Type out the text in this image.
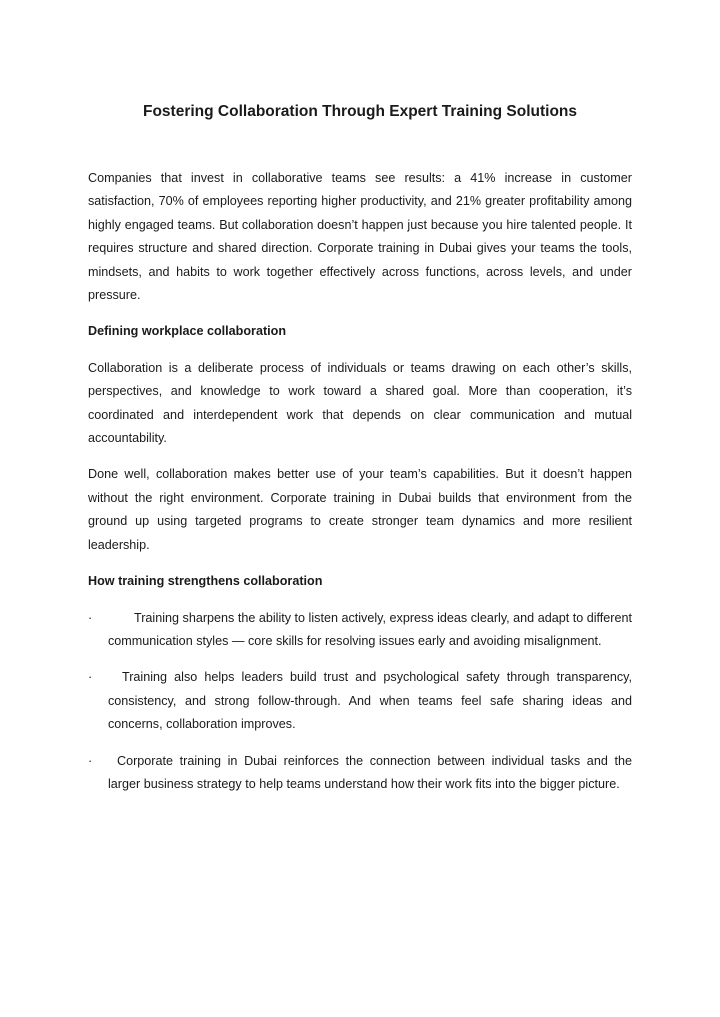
Fostering Collaboration Through Expert Training Solutions

Companies that invest in collaborative teams see results: a 41% increase in customer satisfaction, 70% of employees reporting higher productivity, and 21% greater profitability among highly engaged teams. But collaboration doesn’t happen just because you hire talented people. It requires structure and shared direction. Corporate training in Dubai gives your teams the tools, mindsets, and habits to work together effectively across functions, across levels, and under pressure.

Defining workplace collaboration

Collaboration is a deliberate process of individuals or teams drawing on each other’s skills, perspectives, and knowledge to work toward a shared goal. More than cooperation, it’s coordinated and interdependent work that depends on clear communication and mutual accountability.

Done well, collaboration makes better use of your team’s capabilities. But it doesn’t happen without the right environment. Corporate training in Dubai builds that environment from the ground up using targeted programs to create stronger team dynamics and more resilient leadership.

How training strengthens collaboration
·	Training sharpens the ability to listen actively, express ideas clearly, and adapt to different communication styles — core skills for resolving issues early and avoiding misalignment.
·	Training also helps leaders build trust and psychological safety through transparency, consistency, and strong follow-through. And when teams feel safe sharing ideas and concerns, collaboration improves.
·	Corporate training in Dubai reinforces the connection between individual tasks and the larger business strategy to help teams understand how their work fits into the bigger picture.
